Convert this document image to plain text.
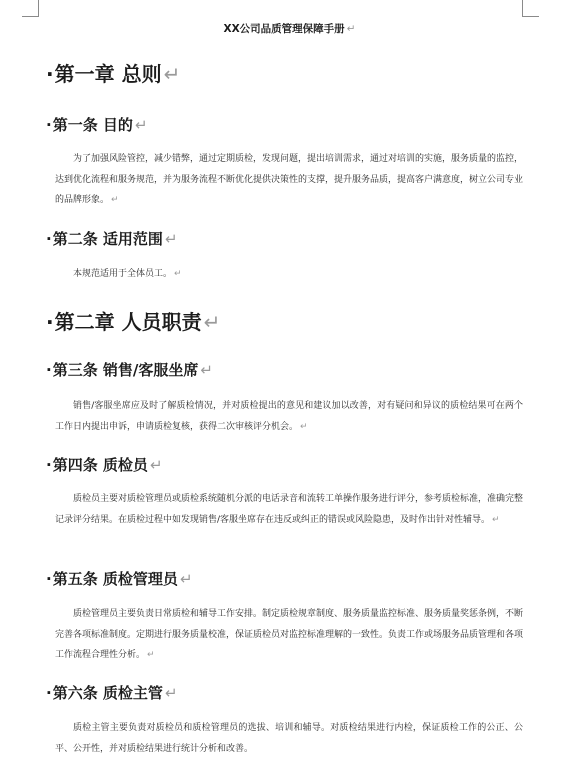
XX公司品质管理保障手册 ↵
· 第一章 总则 ↵
· 第一条 目的 ↵
为了加强风险管控，减少错弊，通过定期质检，发现问题，提出培训需求，通过对培训的实施，服务质量的监控，达到优化流程和服务规范，并为服务流程不断优化提供决策性的支撑，提升服务品质，提高客户满意度，树立公司专业的品牌形象。 ↵
· 第二条 适用范围 ↵
本规范适用于全体员工。 ↵
· 第二章 人员职责 ↵
· 第三条 销售/客服坐席 ↵
销售/客服坐席应及时了解质检情况，并对质检提出的意见和建议加以改善，对有疑问和异议的质检结果可在两个工作日内提出申诉，申请质检复核，获得二次审核评分机会。 ↵
· 第四条 质检员 ↵
质检员主要对质检管理员或质检系统随机分派的电话录音和流转工单操作服务进行评分，参考质检标准，准确完整记录评分结果。在质检过程中如发现销售/客服坐席存在违反或纠正的错误或风险隐患，及时作出针对性辅导。 ↵
· 第五条 质检管理员 ↵
质检管理员主要负责日常质检和辅导工作安排。制定质检规章制度、服务质量监控标准、服务质量奖惩条例，不断完善各项标准制度。定期进行服务质量校准，保证质检员对监控标准理解的一致性。负责工作或场服务品质管理和各项工作流程合理性分析。 ↵
· 第六条 质检主管 ↵
质检主管主要负责对质检员和质检管理员的选拔、培训和辅导。对质检结果进行内检，保证质检工作的公正、公平、公开性，并对质检结果进行统计分析和改善。
